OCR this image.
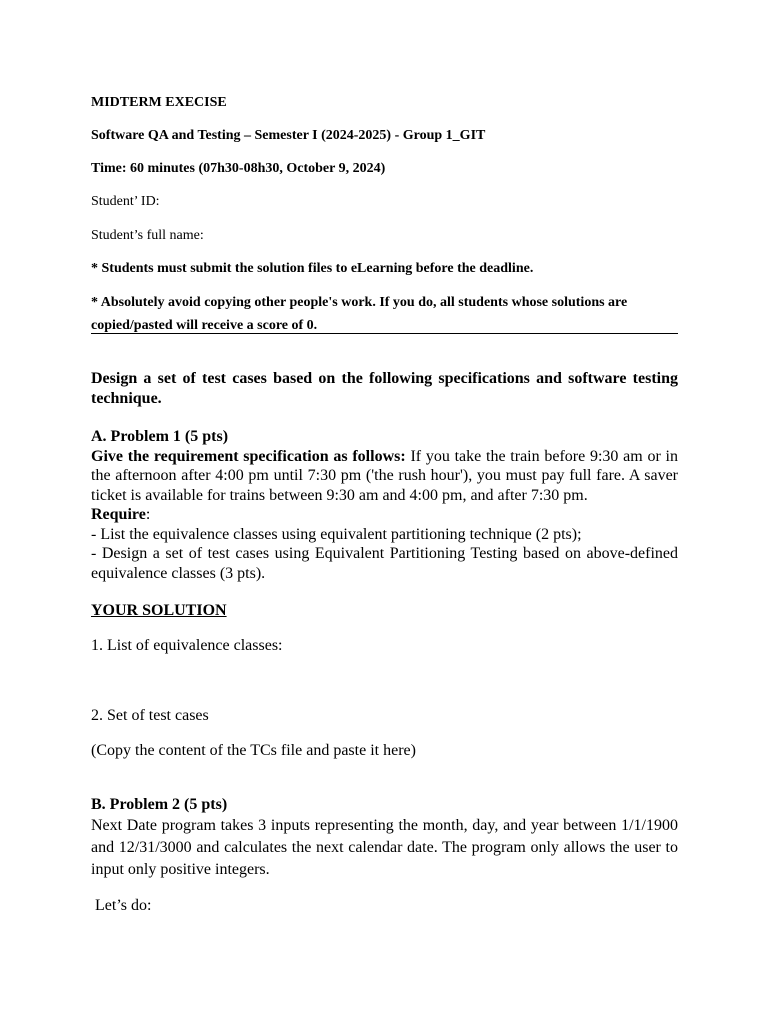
MIDTERM EXECISE

Software QA and Testing – Semester I (2024-2025) - Group 1_GIT

Time: 60 minutes (07h30-08h30, October 9, 2024)

Student’ ID:

Student’s full name:

* Students must submit the solution files to eLearning before the deadline.

* Absolutely avoid copying other people's work. If you do, all students whose solutions are copied/pasted will receive a score of 0.

Design a set of test cases based on the following specifications and software testing technique.

A. Problem 1 (5 pts)
Give the requirement specification as follows: If you take the train before 9:30 am or in the afternoon after 4:00 pm until 7:30 pm ('the rush hour'), you must pay full fare. A saver ticket is available for trains between 9:30 am and 4:00 pm, and after 7:30 pm.
Require:
- List the equivalence classes using equivalent partitioning technique (2 pts);
- Design a set of test cases using Equivalent Partitioning Testing based on above-defined equivalence classes (3 pts).

YOUR SOLUTION

1. List of equivalence classes:

2. Set of test cases

(Copy the content of the TCs file and paste it here)

B. Problem 2 (5 pts)

Next Date program takes 3 inputs representing the month, day, and year between 1/1/1900 and 12/31/3000 and calculates the next calendar date. The program only allows the user to input only positive integers.

Let’s do:
